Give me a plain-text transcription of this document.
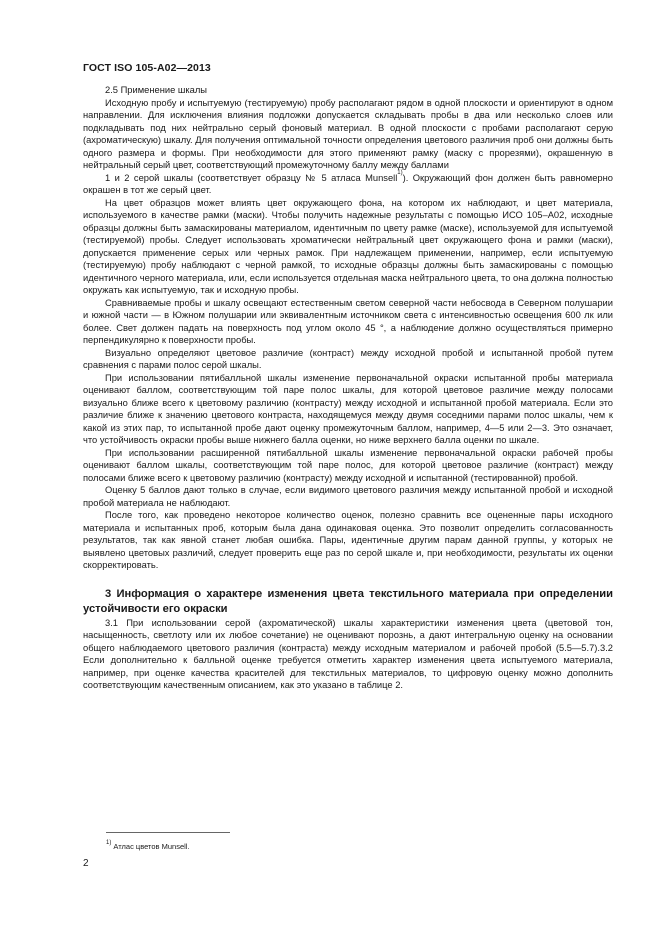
ГОСТ ISO 105-A02—2013

2.5 Применение шкалы

Исходную пробу и испытуемую (тестируемую) пробу располагают рядом в одной плоскости и ориентируют в одном направлении. Для исключения влияния подложки допускается складывать пробы в два или несколько слоев или подкладывать под них нейтрально серый фоновый материал. В одной плоскости с пробами располагают серую (ахроматическую) шкалу. Для получения оптимальной точности определения цветового различия проб они должны быть одного размера и формы. При необходимости для этого применяют рамку (маску с прорезями), окрашенную в нейтральный серый цвет, соответствующий промежуточному баллу между баллами

1 и 2 серой шкалы (соответствует образцу № 5 атласа Munsell$^{1)}$). Окружающий фон должен быть равномерно окрашен в тот же серый цвет.

На цвет образцов может влиять цвет окружающего фона, на котором их наблюдают, и цвет материала, используемого в качестве рамки (маски). Чтобы получить надежные результаты с помощью ИСО 105–A02, исходные образцы должны быть замаскированы материалом, идентичным по цвету рамке (маске), используемой для испытуемой (тестируемой) пробы. Следует использовать хроматически нейтральный цвет окружающего фона и рамки (маски), допускается применение серых или черных рамок. При надлежащем применении, например, если испытуемую (тестируемую) пробу наблюдают с черной рамкой, то исходные образцы должны быть замаскированы с помощью идентичного черного материала, или, если используется отдельная маска нейтрального цвета, то она должна полностью окружать как испытуемую, так и исходную пробы.

Сравниваемые пробы и шкалу освещают естественным светом северной части небосвода в Северном полушарии и южной части — в Южном полушарии или эквивалентным источником света с интенсивностью освещения 600 лк или более. Свет должен падать на поверхность под углом около 45 °, а наблюдение должно осуществляться примерно перпендикулярно к поверхности пробы.

Визуально определяют цветовое различие (контраст) между исходной пробой и испытанной пробой путем сравнения с парами полос серой шкалы.

При использовании пятибалльной шкалы изменение первоначальной окраски испытанной пробы материала оценивают баллом, соответствующим той паре полос шкалы, для которой цветовое различие между полосами визуально ближе всего к цветовому различию (контрасту) между исходной и испытанной пробой материала. Если это различие ближе к значению цветового контраста, находящемуся между двумя соседними парами полос шкалы, чем к какой из этих пар, то испытанной пробе дают оценку промежуточным баллом, например, 4—5 или 2—3. Это означает, что устойчивость окраски пробы выше нижнего балла оценки, но ниже верхнего балла оценки по шкале.

При использовании расширенной пятибалльной шкалы изменение первоначальной окраски рабочей пробы оценивают баллом шкалы, соответствующим той паре полос, для которой цветовое различие (контраст) между полосами ближе всего к цветовому различию (контрасту) между исходной и испытанной (тестированной) пробой.

Оценку 5 баллов дают только в случае, если видимого цветового различия между испытанной пробой и исходной пробой материала не наблюдают.

После того, как проведено некоторое количество оценок, полезно сравнить все оцененные пары исходного материала и испытанных проб, которым была дана одинаковая оценка. Это позволит определить согласованность результатов, так как явной станет любая ошибка. Пары, идентичные другим парам данной группы, у которых не выявлено цветовых различий, следует проверить еще раз по серой шкале и, при необходимости, результаты их оценки скорректировать.

3 Информация о характере изменения цвета текстильного материала при определении устойчивости его окраски

3.1 При использовании серой (ахроматической) шкалы характеристики изменения цвета (цветовой тон, насыщенность, светлоту или их любое сочетание) не оценивают порознь, а дают интегральную оценку на основании общего наблюдаемого цветового различия (контраста) между исходным материалом и рабочей пробой (5.5—5.7).3.2 Если дополнительно к балльной оценке требуется отметить характер изменения цвета испытуемого материала, например, при оценке качества красителей для текстильных материалов, то цифровую оценку можно дополнить соответствующим качественным описанием, как это указано в таблице 2.

$^{1)}$ Атлас цветов Munsell.
2
